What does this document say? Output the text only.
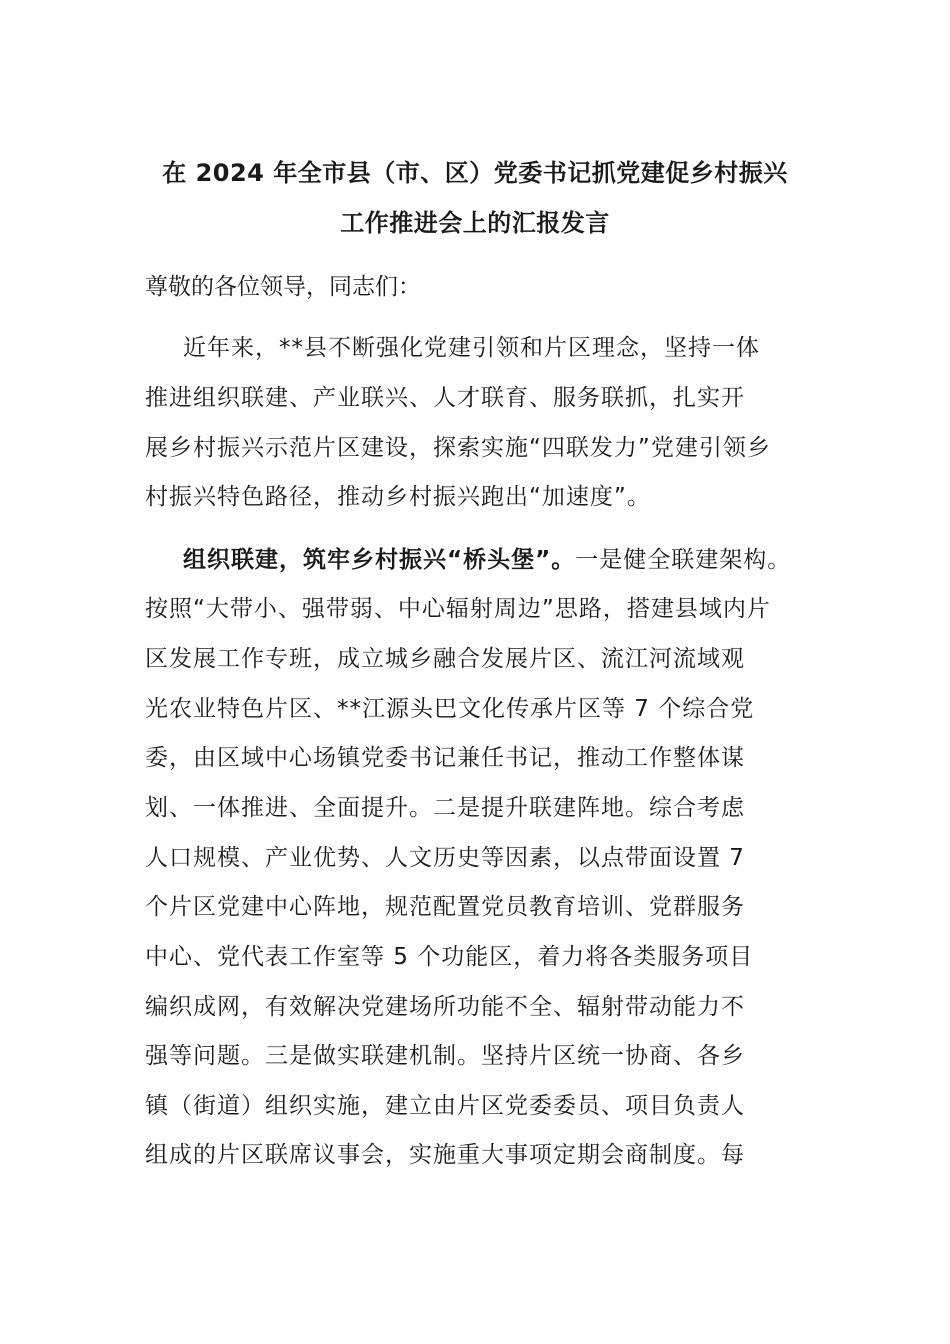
在 2024 年全市县（市、区）党委书记抓党建促乡村振兴
工作推进会上的汇报发言
尊敬的各位领导，同志们：
近年来，**县不断强化党建引领和片区理念，坚持一体
推进组织联建、产业联兴、人才联育、服务联抓，扎实开
展乡村振兴示范片区建设，探索实施“四联发力”党建引领乡
村振兴特色路径，推动乡村振兴跑出“加速度”。
组织联建，筑牢乡村振兴“桥头堡”。一是健全联建架构。
按照“大带小、强带弱、中心辐射周边”思路，搭建县域内片
区发展工作专班，成立城乡融合发展片区、流江河流域观
光农业特色片区、**江源头巴文化传承片区等 7 个综合党
委，由区域中心场镇党委书记兼任书记，推动工作整体谋
划、一体推进、全面提升。二是提升联建阵地。综合考虑
人口规模、产业优势、人文历史等因素，以点带面设置 7
个片区党建中心阵地，规范配置党员教育培训、党群服务
中心、党代表工作室等 5 个功能区，着力将各类服务项目
编织成网，有效解决党建场所功能不全、辐射带动能力不
强等问题。三是做实联建机制。坚持片区统一协商、各乡
镇（街道）组织实施，建立由片区党委委员、项目负责人
组成的片区联席议事会，实施重大事项定期会商制度。每
